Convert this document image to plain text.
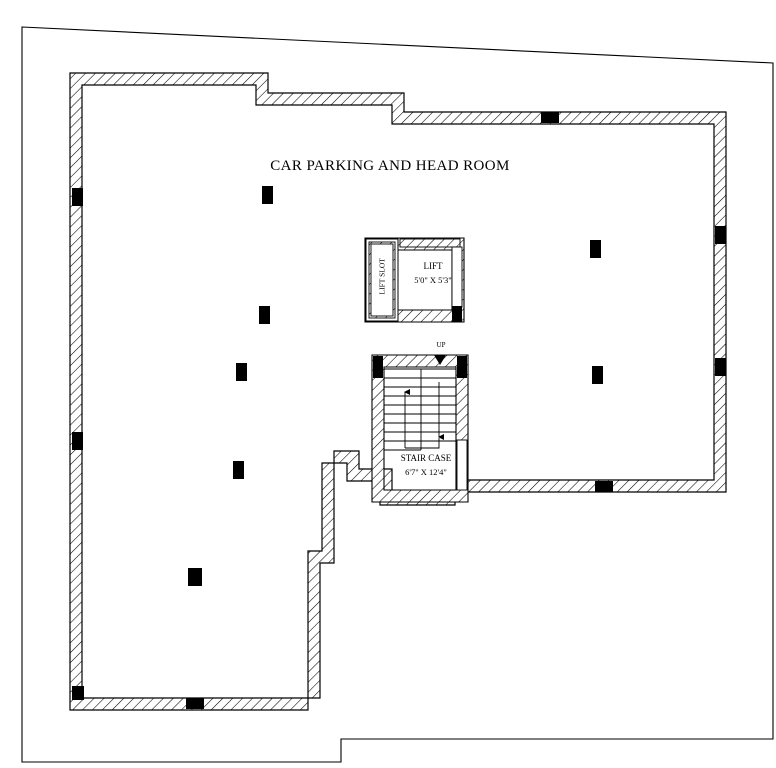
CAR PARKING AND HEAD ROOM
LIFT
5'0" X 5'3"
LIFT SLOT
STAIR CASE
6'7" X 12'4"
UP
